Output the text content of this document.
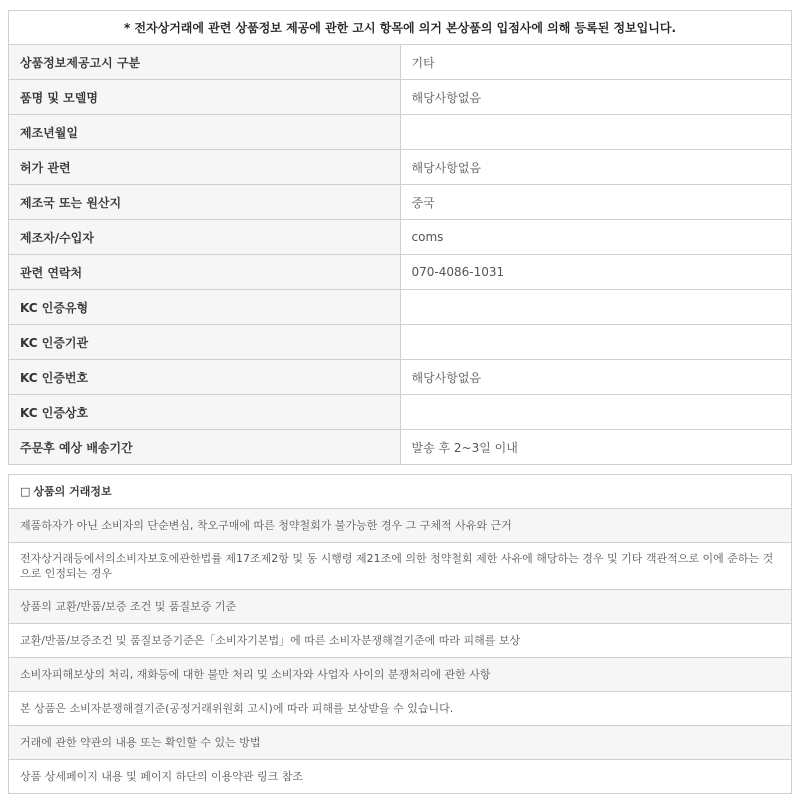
* 전자상거래에 관련 상품정보 제공에 관한 고시 항목에 의거 본상품의 입점사에 의해 등록된 정보입니다.	
상품정보제공고시 구분	기타
품명 및 모델명	해당사항없음
제조년월일	
허가 관련	해당사항없음
제조국 또는 원산지	중국
제조자/수입자	coms
관련 연락처	070-4086-1031
KC 인증유형	
KC 인증기관	
KC 인증번호	해당사항없음
KC 인증상호	
주문후 예상 배송기간	발송 후 2~3일 이내
□ 상품의 거래정보
제품하자가 아닌 소비자의 단순변심, 착오구매에 따른 청약철회가 불가능한 경우 그 구체적 사유와 근거
전자상거래등에서의소비자보호에관한법률 제17조제2항 및 동 시행령 제21조에 의한 청약철회 제한 사유에 해당하는 경우 및 기타 객관적으로 이에 준하는 것으로 인정되는 경우
상품의 교환/반품/보증 조건 및 품질보증 기준
교환/반품/보증조건 및 품질보증기준은「소비자기본법」에 따른 소비자분쟁해결기준에 따라 피해를 보상
소비자피해보상의 처리, 재화등에 대한 불만 처리 및 소비자와 사업자 사이의 분쟁처리에 관한 사항
본 상품은 소비자분쟁해결기준(공정거래위원회 고시)에 따라 피해를 보상받을 수 있습니다.
거래에 관한 약관의 내용 또는 확인할 수 있는 방법
상품 상세페이지 내용 및 페이지 하단의 이용약관 링크 참조
